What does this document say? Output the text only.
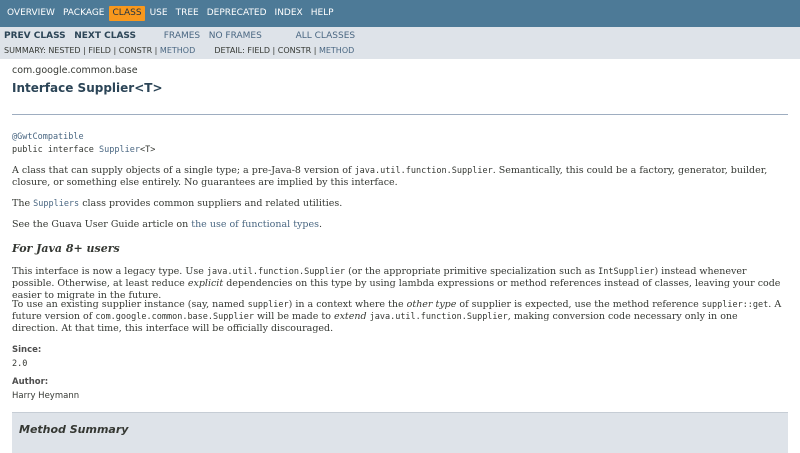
OVERVIEW PACKAGE CLASS USE TREE DEPRECATED INDEX HELP
PREV CLASS NEXT CLASS	FRAMES NO FRAMES	ALL CLASSES
SUMMARY: NESTED | FIELD | CONSTR | METHOD DETAIL: FIELD | CONSTR | METHOD
com.google.common.base
Interface Supplier<T>
@GwtCompatible
public interface Supplier<T>
A class that can supply objects of a single type; a pre-Java-8 version of java.util.function.Supplier. Semantically, this could be a factory, generator, builder, closure, or something else entirely. No guarantees are implied by this interface.
The Suppliers class provides common suppliers and related utilities.
See the Guava User Guide article on the use of functional types.
For Java 8+ users
This interface is now a legacy type. Use java.util.function.Supplier (or the appropriate primitive specialization such as IntSupplier) instead whenever possible. Otherwise, at least reduce explicit dependencies on this type by using lambda expressions or method references instead of classes, leaving your code easier to migrate in the future.
To use an existing supplier instance (say, named supplier) in a context where the other type of supplier is expected, use the method reference supplier::get. A future version of com.google.common.base.Supplier will be made to extend java.util.function.Supplier, making conversion code necessary only in one direction. At that time, this interface will be officially discouraged.
Since:
2.0
Author:
Harry Heymann
Method Summary
